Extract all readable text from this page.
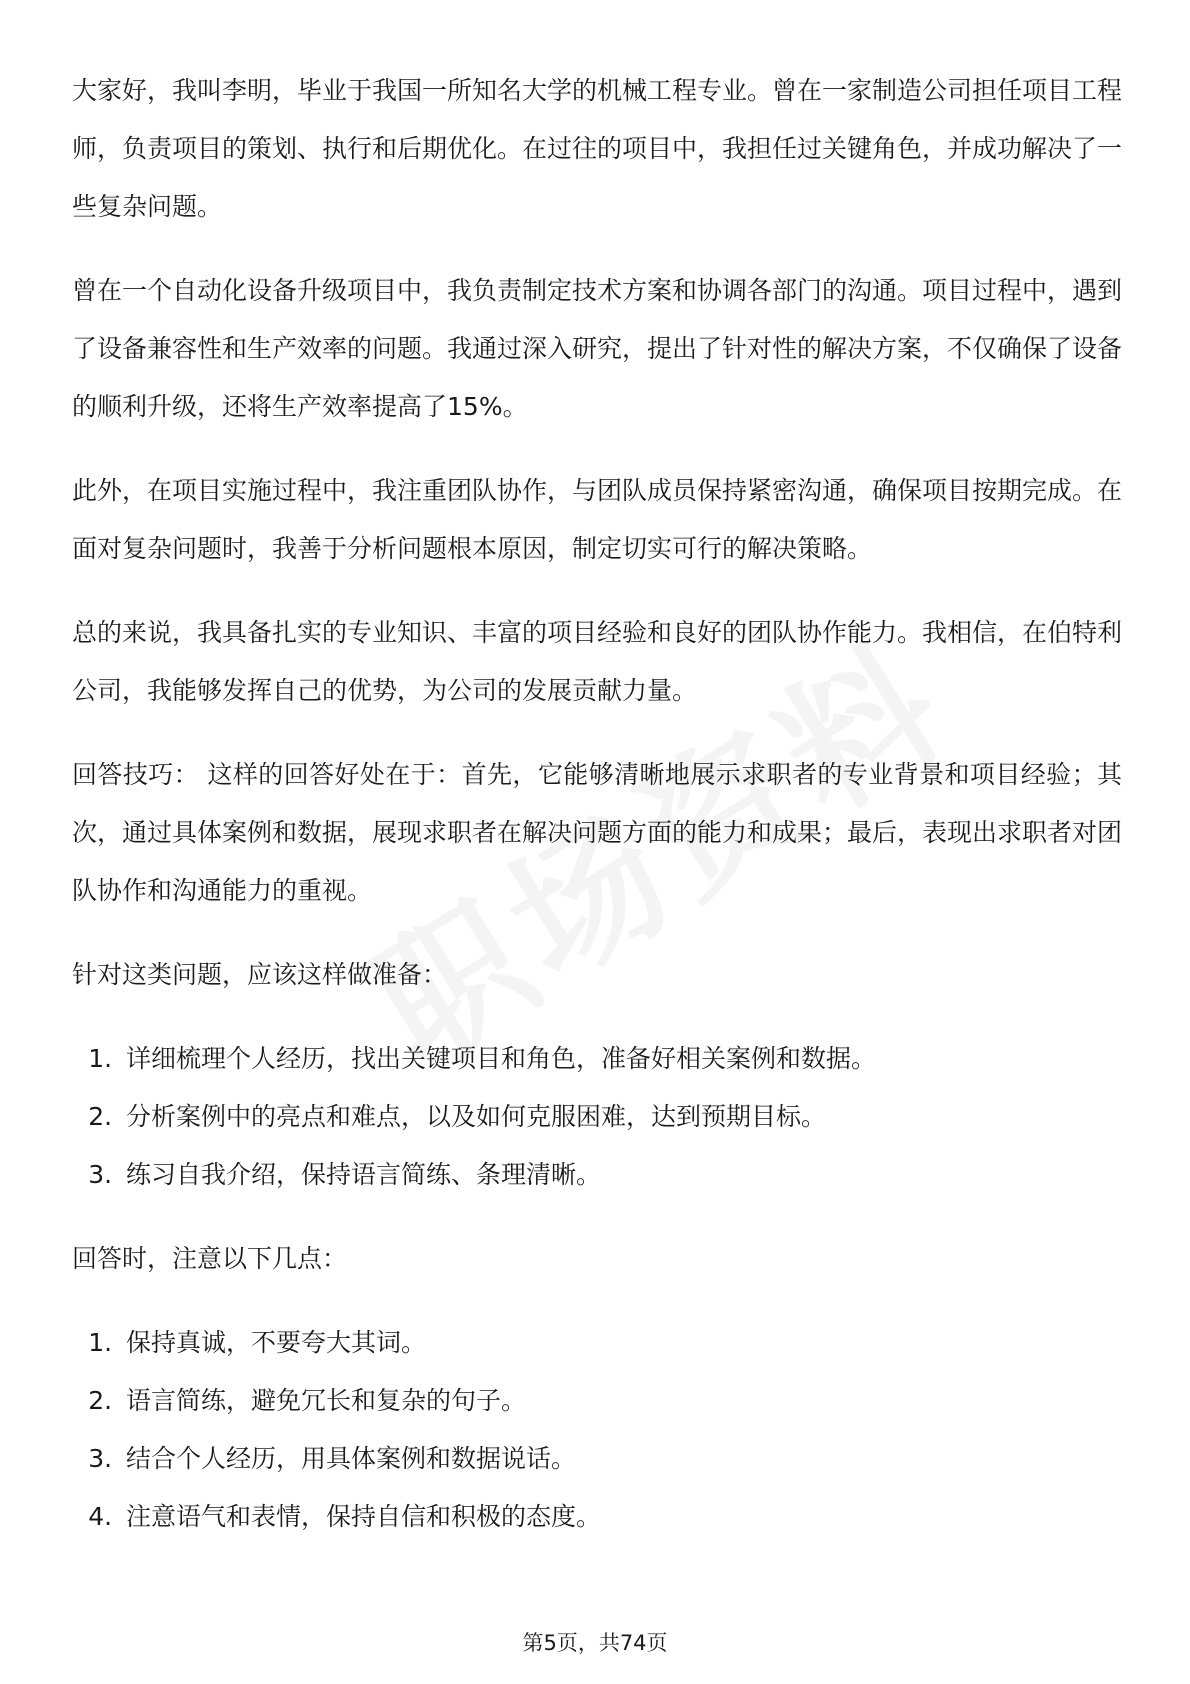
大家好，我叫李明，毕业于我国一所知名大学的机械工程专业。曾在一家制造公司担任项目工程师，负责项目的策划、执行和后期优化。在过往的项目中，我担任过关键角色，并成功解决了一些复杂问题。

曾在一个自动化设备升级项目中，我负责制定技术方案和协调各部门的沟通。项目过程中，遇到了设备兼容性和生产效率的问题。我通过深入研究，提出了针对性的解决方案，不仅确保了设备的顺利升级，还将生产效率提高了15%。

此外，在项目实施过程中，我注重团队协作，与团队成员保持紧密沟通，确保项目按期完成。在面对复杂问题时，我善于分析问题根本原因，制定切实可行的解决策略。

总的来说，我具备扎实的专业知识、丰富的项目经验和良好的团队协作能力。我相信，在伯特利公司，我能够发挥自己的优势，为公司的发展贡献力量。

回答技巧： 这样的回答好处在于：首先，它能够清晰地展示求职者的专业背景和项目经验；其次，通过具体案例和数据，展现求职者在解决问题方面的能力和成果；最后，表现出求职者对团队协作和沟通能力的重视。

针对这类问题，应该这样做准备：

1. 详细梳理个人经历，找出关键项目和角色，准备好相关案例和数据。
2. 分析案例中的亮点和难点，以及如何克服困难，达到预期目标。
3. 练习自我介绍，保持语言简练、条理清晰。

回答时，注意以下几点：

1. 保持真诚，不要夸大其词。
2. 语言简练，避免冗长和复杂的句子。
3. 结合个人经历，用具体案例和数据说话。
4. 注意语气和表情，保持自信和积极的态度。
第5页，共74页
